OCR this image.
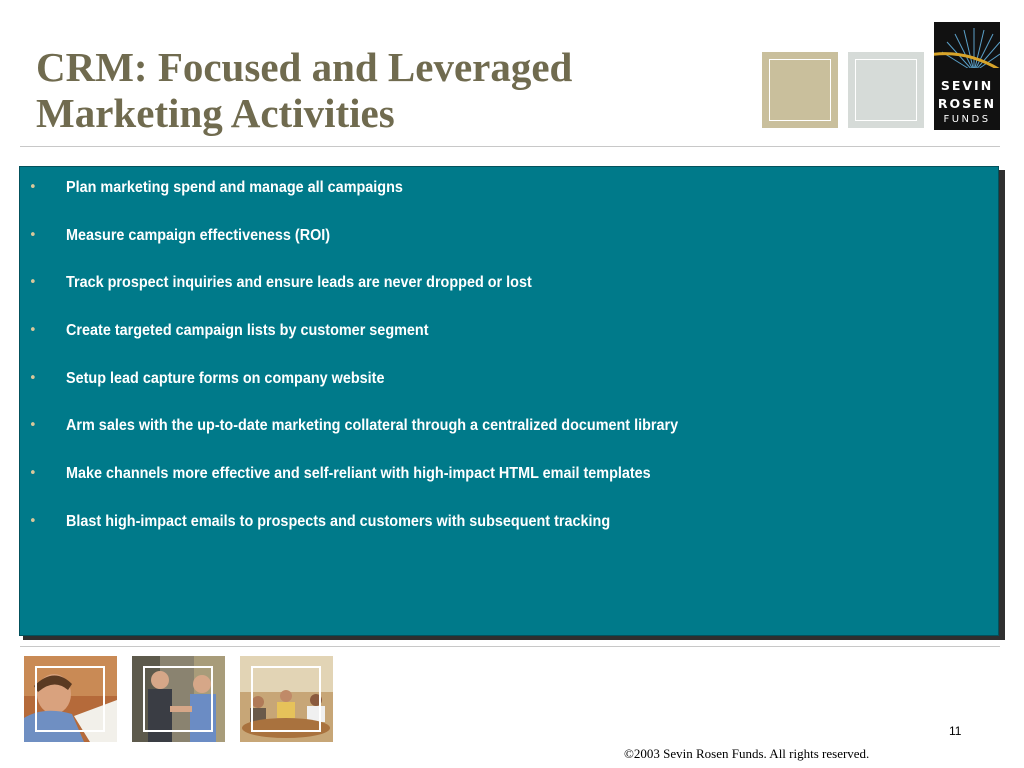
CRM: Focused and Leveraged
Marketing Activities
SEVIN
ROSEN
FUNDS
• Plan marketing spend and manage all campaigns
• Measure campaign effectiveness (ROI)
• Track prospect inquiries and ensure leads are never dropped or lost
• Create targeted campaign lists by customer segment
• Setup lead capture forms on company website
• Arm sales with the up-to-date marketing collateral through a centralized document library
• Make channels more effective and self-reliant with high-impact HTML email templates
• Blast high-impact emails to prospects and customers with subsequent tracking
11
©2003 Sevin Rosen Funds. All rights reserved.
